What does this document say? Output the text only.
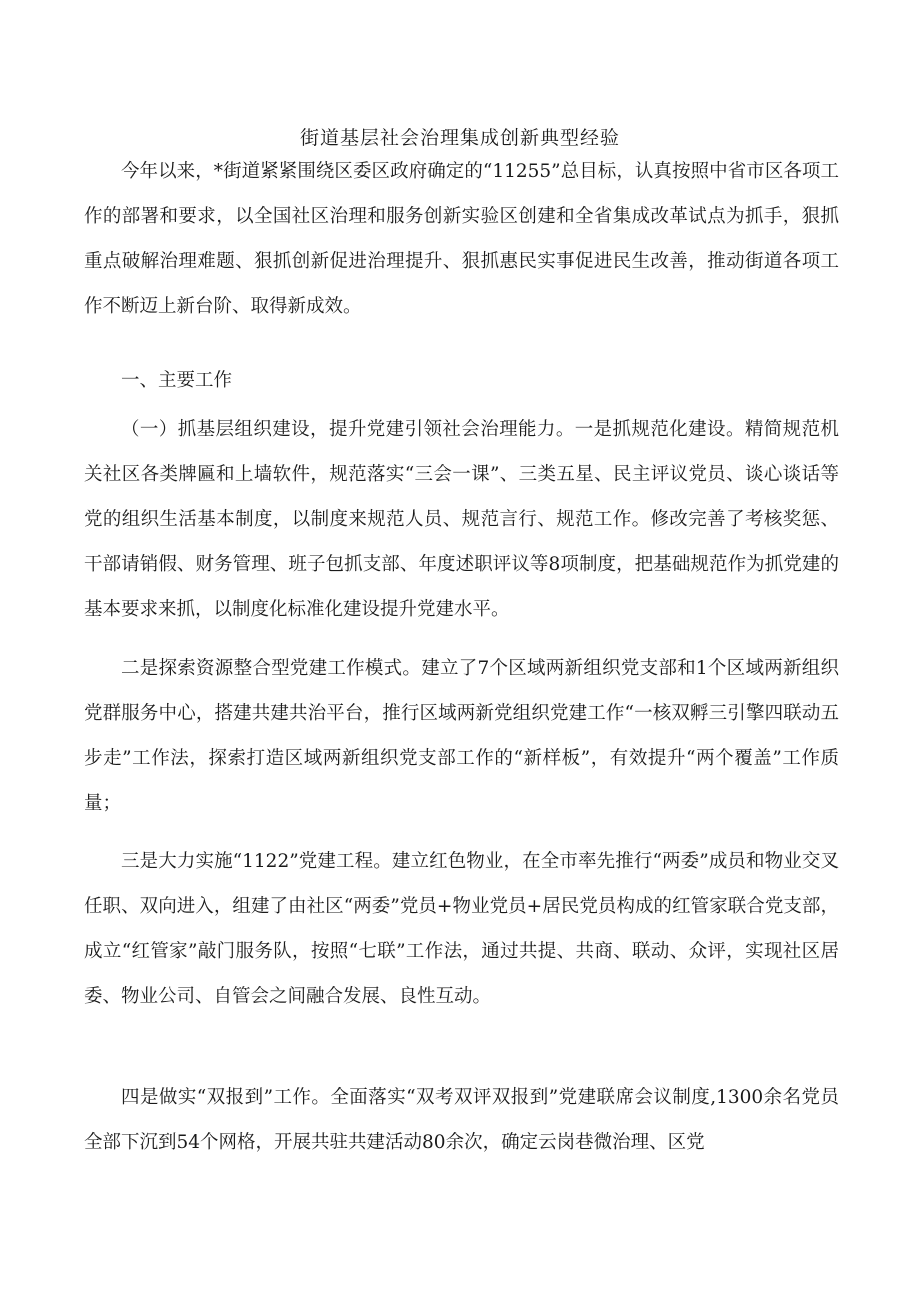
街道基层社会治理集成创新典型经验

今年以来，*街道紧紧围绕区委区政府确定的“11255”总目标，认真按照中省市区各项工作的部署和要求，以全国社区治理和服务创新实验区创建和全省集成改革试点为抓手，狠抓重点破解治理难题、狠抓创新促进治理提升、狠抓惠民实事促进民生改善，推动街道各项工作不断迈上新台阶、取得新成效。

一、主要工作

（一）抓基层组织建设，提升党建引领社会治理能力。一是抓规范化建设。精简规范机关社区各类牌匾和上墙软件，规范落实“三会一课”、三类五星、民主评议党员、谈心谈话等党的组织生活基本制度，以制度来规范人员、规范言行、规范工作。修改完善了考核奖惩、干部请销假、财务管理、班子包抓支部、年度述职评议等8项制度，把基础规范作为抓党建的基本要求来抓，以制度化标准化建设提升党建水平。

二是探索资源整合型党建工作模式。建立了7个区域两新组织党支部和1个区域两新组织党群服务中心，搭建共建共治平台，推行区域两新党组织党建工作“一核双孵三引擎四联动五步走”工作法，探索打造区域两新组织党支部工作的“新样板”，有效提升“两个覆盖”工作质量；

三是大力实施“1122”党建工程。建立红色物业，在全市率先推行“两委”成员和物业交叉任职、双向进入，组建了由社区“两委”党员+物业党员+居民党员构成的红管家联合党支部，成立“红管家”敲门服务队，按照“七联”工作法，通过共提、共商、联动、众评，实现社区居委、物业公司、自管会之间融合发展、良性互动。

四是做实“双报到”工作。全面落实“双考双评双报到”党建联席会议制度,1300余名党员全部下沉到54个网格，开展共驻共建活动80余次，确定云岗巷微治理、区党
